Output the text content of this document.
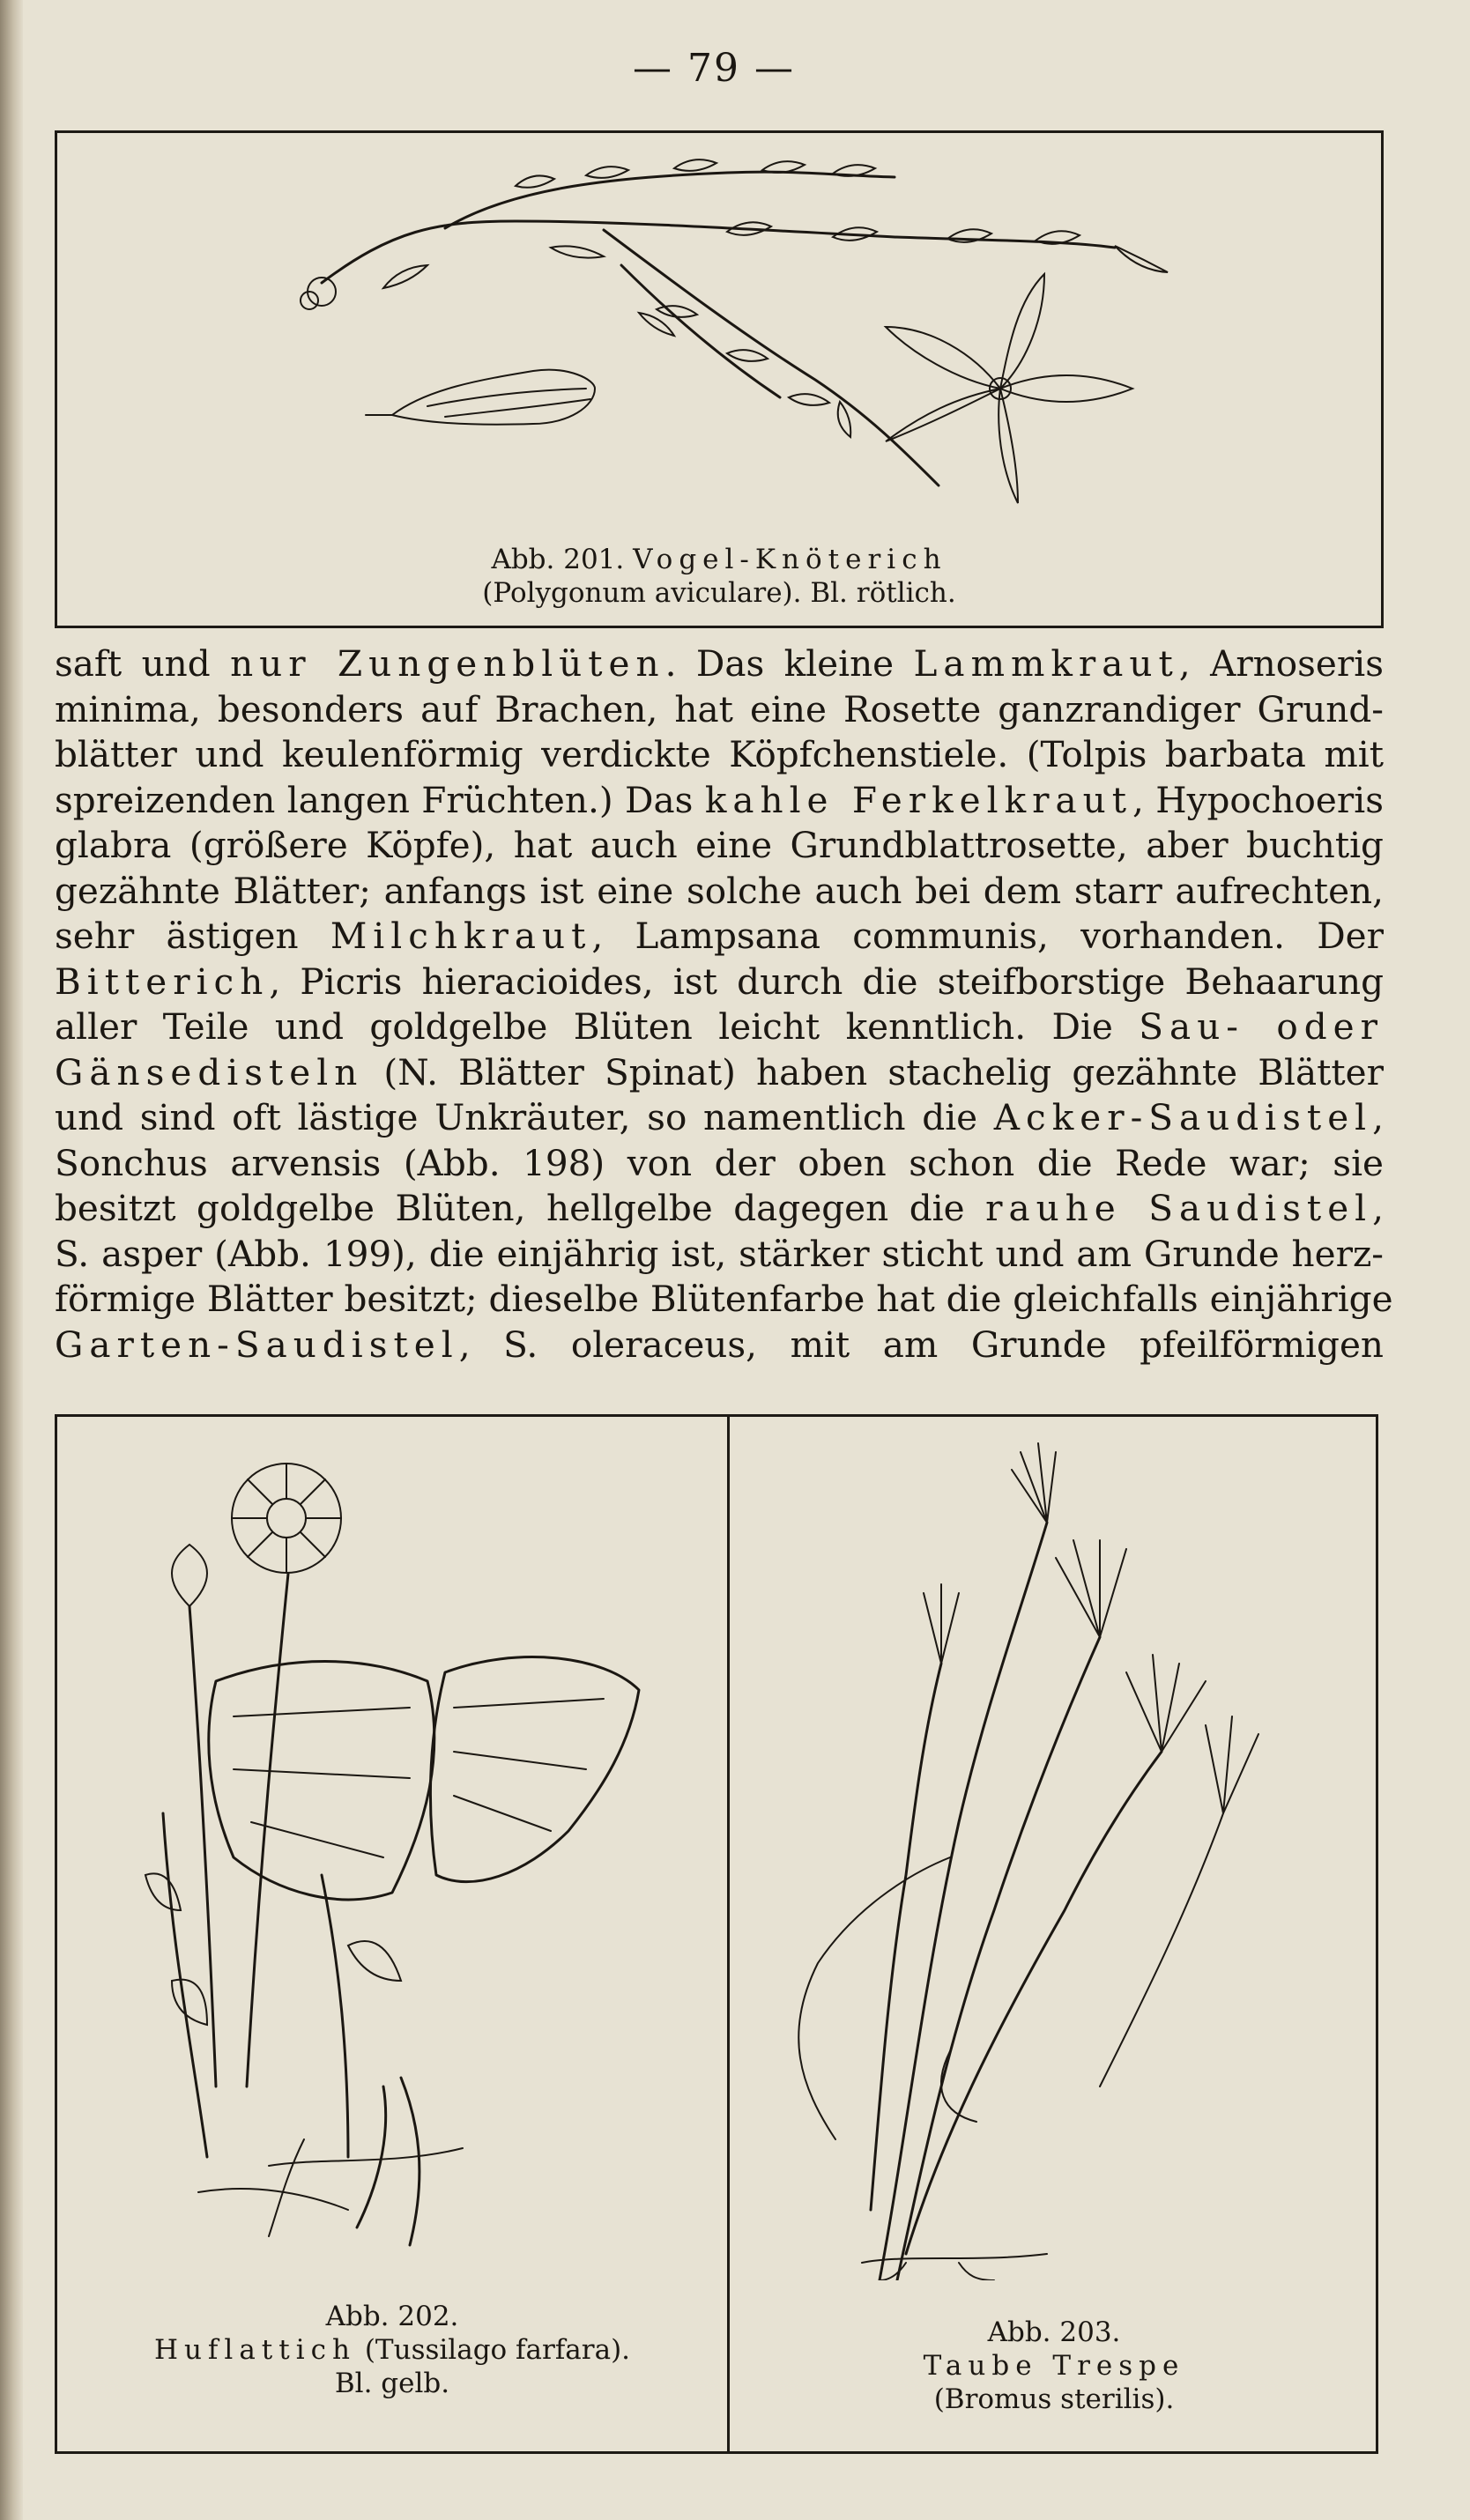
— 79 —
Abb. 201. Vogel-Knöterich
(Polygonum aviculare). Bl. rötlich.
saft und nur Zungenblüten. Das kleine Lammkraut, Arnoseris
minima, besonders auf Brachen, hat eine Rosette ganzrandiger Grund-
blätter und keulenförmig verdickte Köpfchenstiele. (Tolpis barbata mit
spreizenden langen Früchten.) Das kahle Ferkelkraut, Hypochoeris
glabra (größere Köpfe), hat auch eine Grundblattrosette, aber buchtig
gezähnte Blätter; anfangs ist eine solche auch bei dem starr aufrechten,
sehr ästigen Milchkraut, Lampsana communis, vorhanden. Der
Bitterich, Picris hieracioides, ist durch die steifborstige Behaarung
aller Teile und goldgelbe Blüten leicht kenntlich. Die Sau- oder
Gänsedisteln (N. Blätter Spinat) haben stachelig gezähnte Blätter
und sind oft lästige Unkräuter, so namentlich die Acker-Saudistel,
Sonchus arvensis (Abb. 198) von der oben schon die Rede war; sie
besitzt goldgelbe Blüten, hellgelbe dagegen die rauhe Saudistel,
S. asper (Abb. 199), die einjährig ist, stärker sticht und am Grunde herz-
förmige Blätter besitzt; dieselbe Blütenfarbe hat die gleichfalls einjährige
Garten-Saudistel, S. oleraceus, mit am Grunde pfeilförmigen
Abb. 202.
Huflattich (Tussilago farfara).
Bl. gelb.
Abb. 203.
Taube Trespe
(Bromus sterilis).
